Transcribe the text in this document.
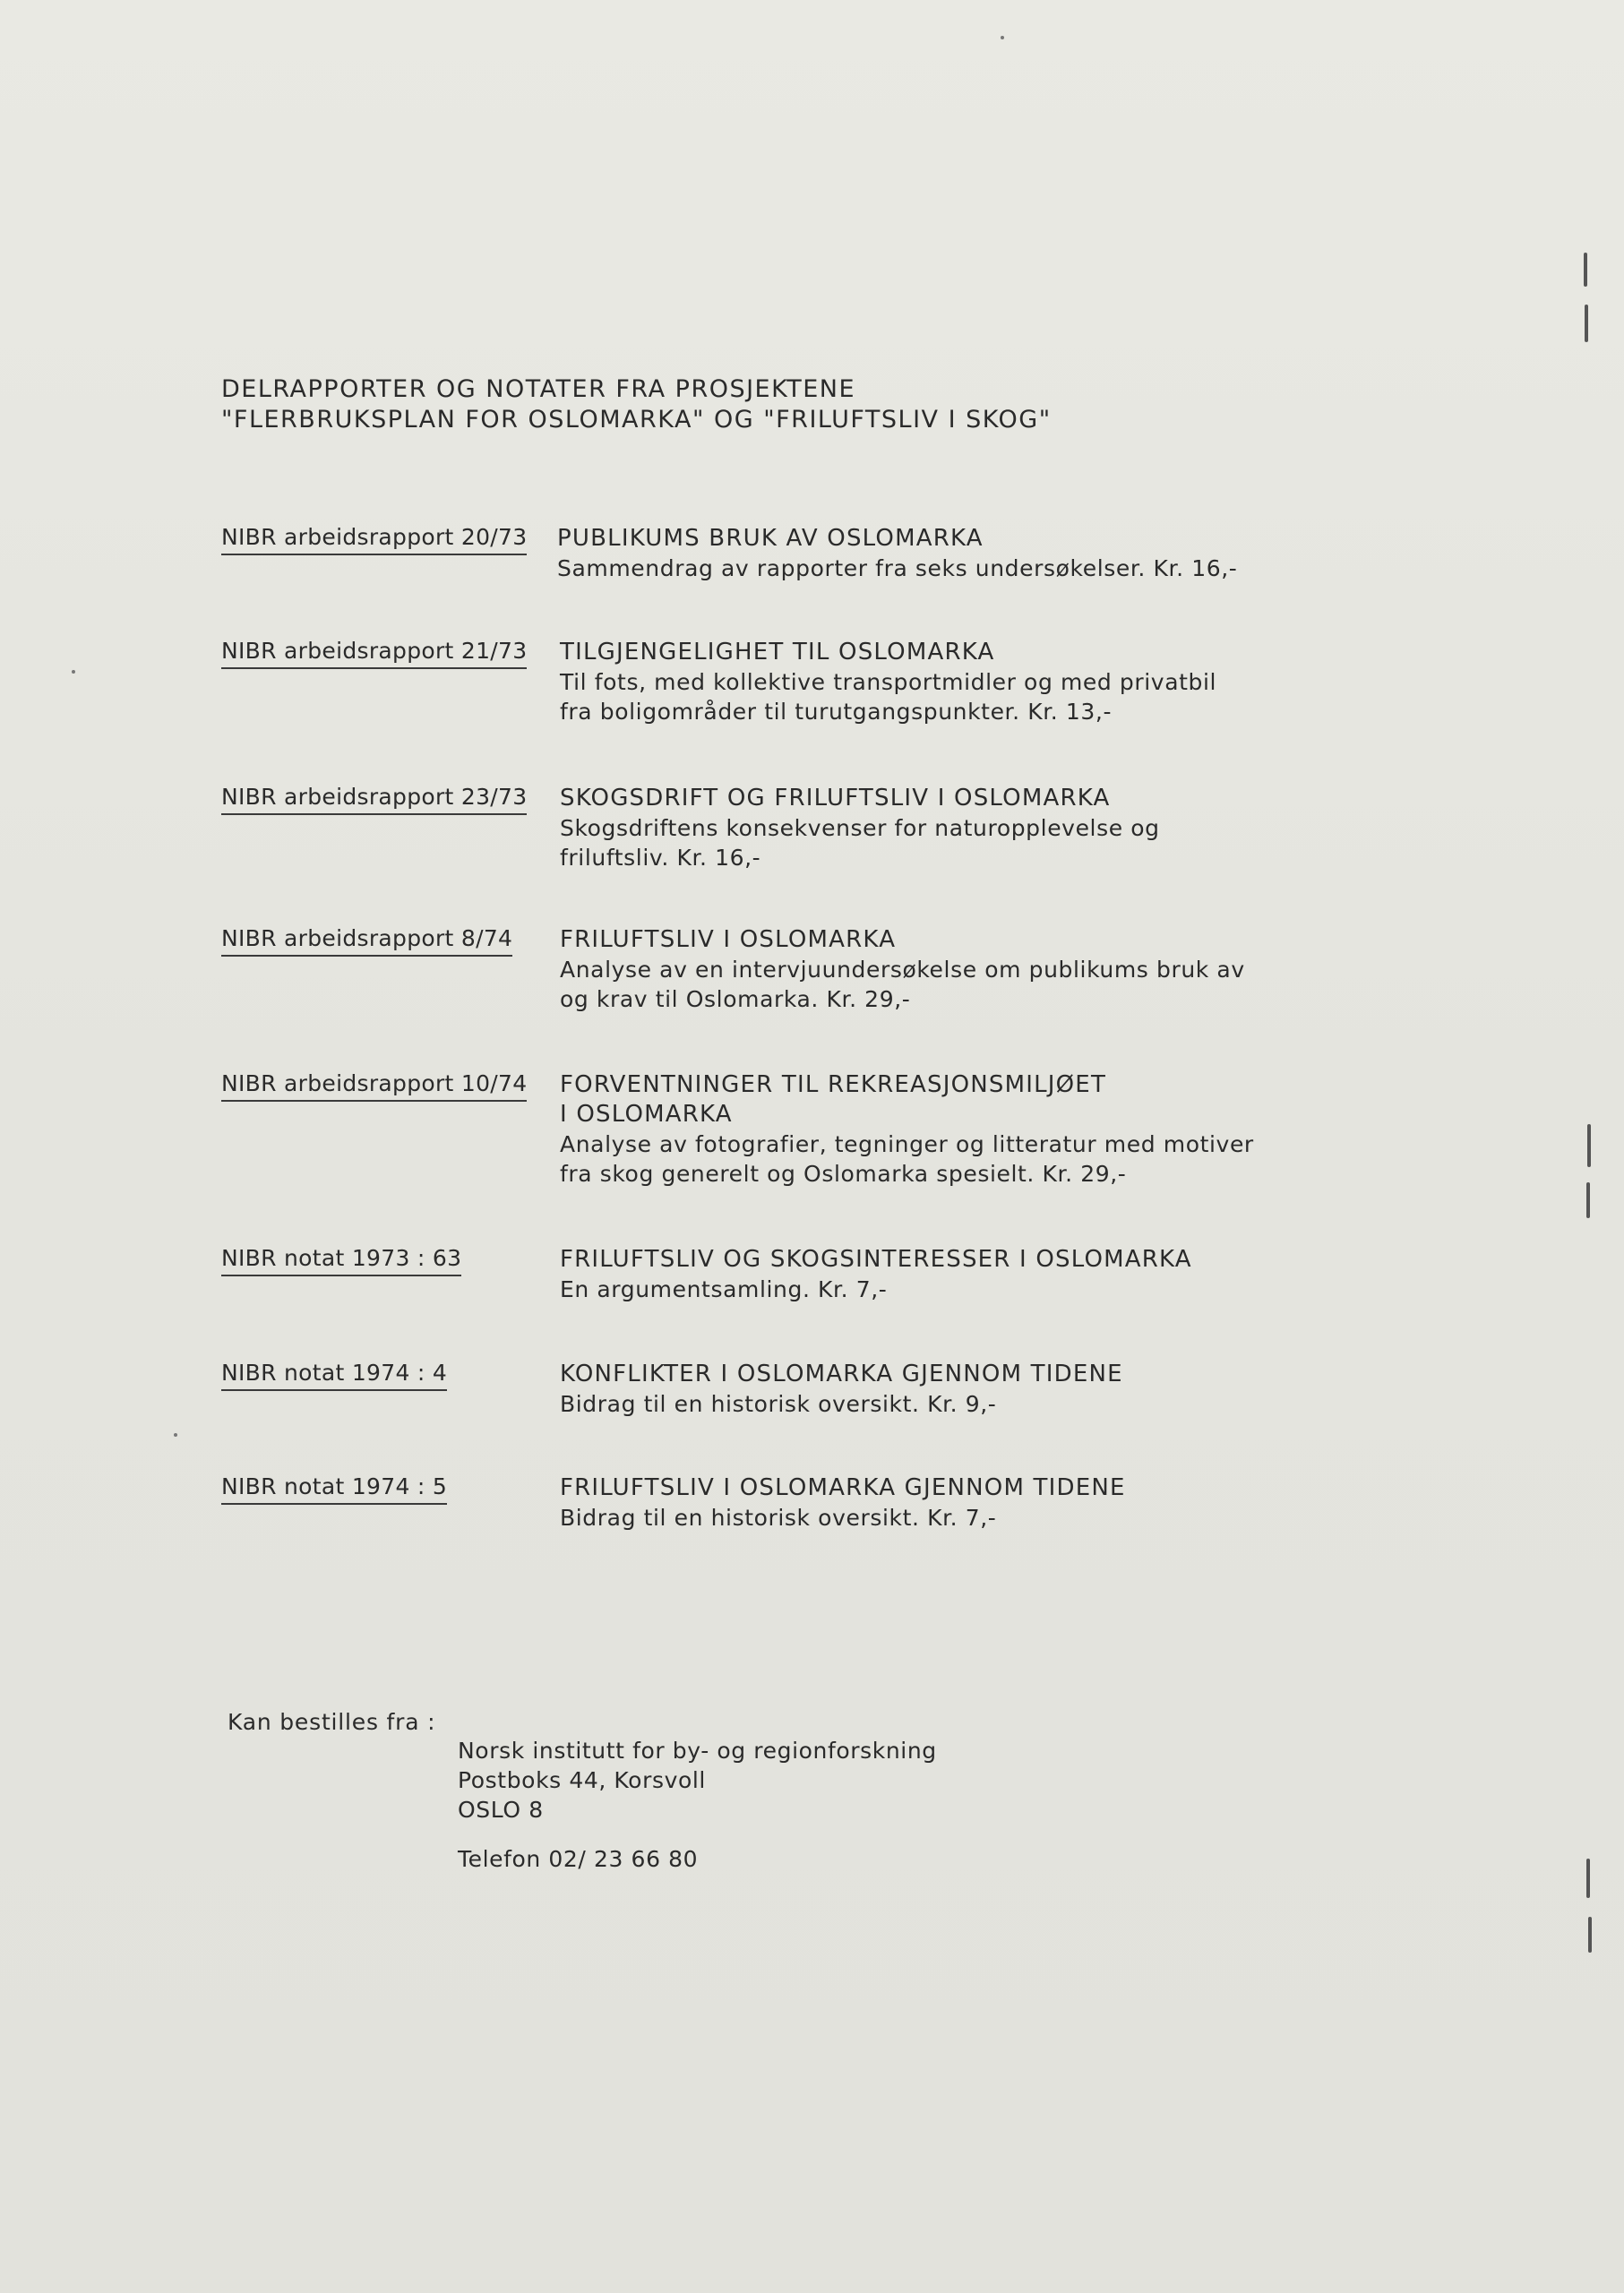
DELRAPPORTER OG NOTATER FRA PROSJEKTENE
"FLERBRUKSPLAN FOR OSLOMARKA" OG "FRILUFTSLIV I SKOG"
NIBR arbeidsrapport 20/73 PUBLIKUMS BRUK AV OSLOMARKA
Sammendrag av rapporter fra seks undersøkelser. Kr. 16,-
NIBR arbeidsrapport 21/73 TILGJENGELIGHET TIL OSLOMARKA
Til fots, med kollektive transportmidler og med privatbil
fra boligområder til turutgangspunkter. Kr. 13,-
NIBR arbeidsrapport 23/73 SKOGSDRIFT OG FRILUFTSLIV I OSLOMARKA
Skogsdriftens konsekvenser for naturopplevelse og
friluftsliv. Kr. 16,-
NIBR arbeidsrapport 8/74 FRILUFTSLIV I OSLOMARKA
Analyse av en intervjuundersøkelse om publikums bruk av
og krav til Oslomarka. Kr. 29,-
NIBR arbeidsrapport 10/74 FORVENTNINGER TIL REKREASJONSMILJØET
I OSLOMARKA
Analyse av fotografier, tegninger og litteratur med motiver
fra skog generelt og Oslomarka spesielt. Kr. 29,-
NIBR notat 1973 : 63	FRILUFTSLIV OG SKOGSINTERESSER I OSLOMARKA
En argumentsamling. Kr. 7,-
NIBR notat 1974 : 4	KONFLIKTER I OSLOMARKA GJENNOM TIDENE
Bidrag til en historisk oversikt. Kr. 9,-
NIBR notat 1974 : 5	FRILUFTSLIV I OSLOMARKA GJENNOM TIDENE
Bidrag til en historisk oversikt. Kr. 7,-
Kan bestilles fra :
Norsk institutt for by- og regionforskning
Postboks 44, Korsvoll
OSLO 8
Telefon 02/ 23 66 80
